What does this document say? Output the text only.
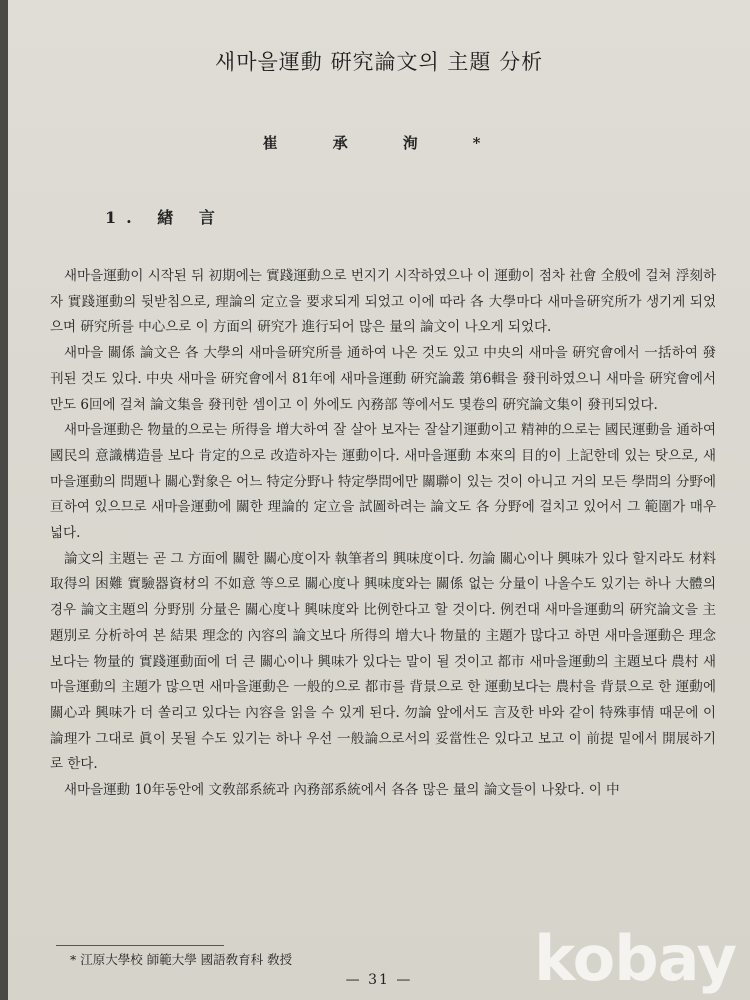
새마을運動 硏究論文의 主題 分析
崔承洵*
1. 緖 言

새마을運動이 시작된 뒤 初期에는 實踐運動으로 번지기 시작하였으나 이 運動이 점차 社會 全般에 걸쳐 浮刻하자 實踐運動의 뒷받침으로, 理論의 定立을 要求되게 되었고 이에 따라 各 大學마다 새마을硏究所가 생기게 되었으며 硏究所를 中心으로 이 方面의 硏究가 進行되어 많은 量의 論文이 나오게 되었다.

새마을 關係 論文은 各 大學의 새마을硏究所를 通하여 나온 것도 있고 中央의 새마을 硏究會에서 一括하여 發刊된 것도 있다. 中央 새마을 硏究會에서 81年에 새마을運動 硏究論叢 第6輯을 發刊하였으니 새마을 硏究會에서만도 6回에 걸쳐 論文集을 發刊한 셈이고 이 外에도 內務部 等에서도 몇卷의 硏究論文集이 發刊되었다.

새마을運動은 物量的으로는 所得을 增大하여 잘 살아 보자는 잘살기運動이고 精神的으로는 國民運動을 通하여 國民의 意識構造를 보다 肯定的으로 改造하자는 運動이다. 새마을運動 本來의 目的이 上記한데 있는 탓으로, 새마을運動의 問題나 關心對象은 어느 特定分野나 特定學問에만 關聯이 있는 것이 아니고 거의 모든 學問의 分野에 亘하여 있으므로 새마을運動에 關한 理論的 定立을 試圖하려는 論文도 各 分野에 걸치고 있어서 그 範圍가 매우 넓다.

論文의 主題는 곧 그 方面에 關한 關心度이자 執筆者의 興味度이다. 勿論 關心이나 興味가 있다 할지라도 材料取得의 困難 實驗器資材의 不如意 等으로 關心度나 興味度와는 關係 없는 分量이 나올수도 있기는 하나 大體의 경우 論文主題의 分野別 分量은 關心度나 興味度와 比例한다고 할 것이다. 例컨대 새마을運動의 硏究論文을 主題別로 分析하여 본 結果 理念的 內容의 論文보다 所得의 增大나 物量的 主題가 많다고 하면 새마을運動은 理念보다는 物量的 實踐運動面에 더 큰 關心이나 興味가 있다는 말이 될 것이고 都市 새마을運動의 主題보다 農村 새마을運動의 主題가 많으면 새마을運動은 一般的으로 都市를 背景으로 한 運動보다는 農村을 背景으로 한 運動에 關心과 興味가 더 쏠리고 있다는 內容을 읽을 수 있게 된다. 勿論 앞에서도 言及한 바와 같이 特殊事情 때문에 이 論理가 그대로 眞이 못될 수도 있기는 하나 우선 一般論으로서의 妥當性은 있다고 보고 이 前提 밑에서 開展하기로 한다.

새마을運動 10年동안에 文敎部系統과 內務部系統에서 各各 많은 量의 論文들이 나왔다. 이 中

* 江原大學校 師範大學 國語敎育科 敎授
— 31 —	kobay
